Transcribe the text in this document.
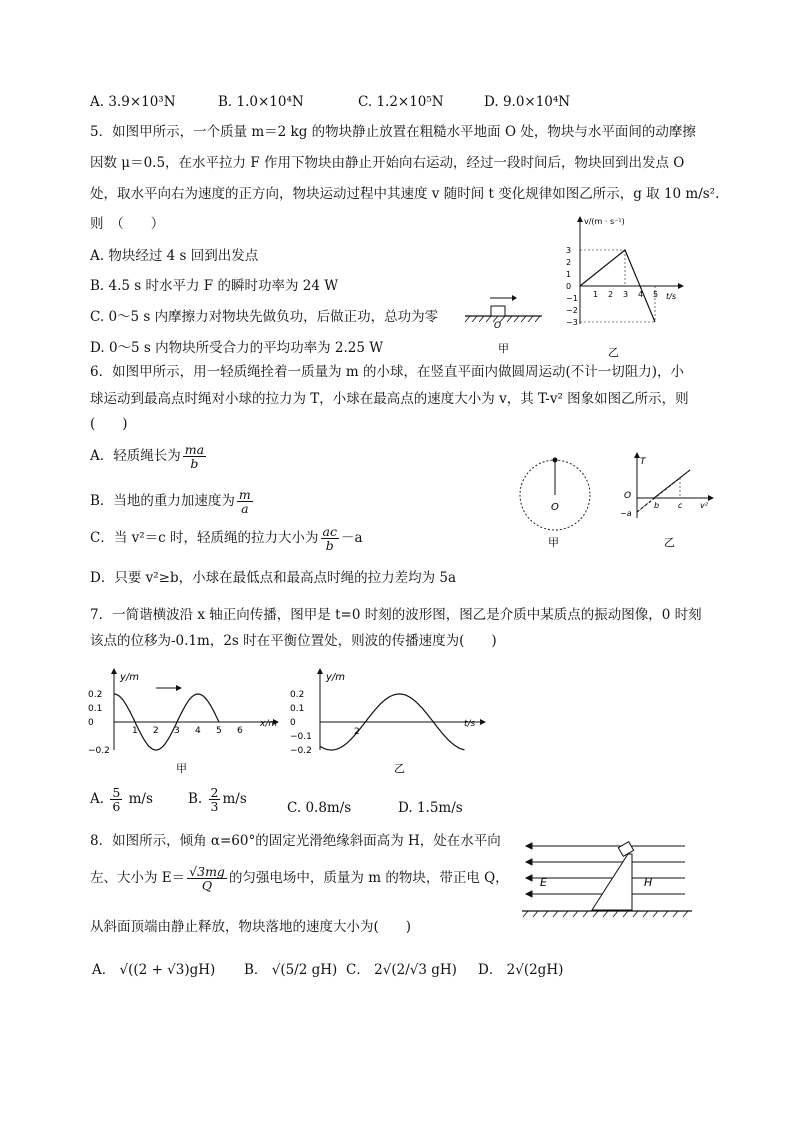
A. 3.9×10³N	B. 1.0×10⁴N	C. 1.2×10⁵N	D. 9.0×10⁴N
5．如图甲所示，一个质量 m＝2 kg 的物块静止放置在粗糙水平地面 O 处，物块与水平面间的动摩擦
因数 μ＝0.5，在水平拉力 F 作用下物块由静止开始向右运动，经过一段时间后，物块回到出发点 O
处，取水平向右为速度的正方向，物块运动过程中其速度 v 随时间 t 变化规律如图乙所示，g 取 10 m/s².
则　（　　）
A. 物块经过 4 s 回到出发点
B. 4.5 s 时水平力 F 的瞬时功率为 24 W
C. 0～5 s 内摩擦力对物块先做负功，后做正功，总功为零
D. 0～5 s 内物块所受合力的平均功率为 2.25 W
O
甲
v/(m · s⁻¹)
t/s
3
2
1
0
−1
−2
−3
1 2 3 4 5
乙
6．如图甲所示，用一轻质绳拴着一质量为 m 的小球，在竖直平面内做圆周运动(不计一切阻力)，小
球运动到最高点时绳对小球的拉力为 T，小球在最高点的速度大小为 v，其 T-v² 图象如图乙所示，则
(　　)
A．轻质绳长为 $\frac{ma}{b}$
B．当地的重力加速度为 $\frac{m}{a}$
C．当 v²＝c 时，轻质绳的拉力大小为 $\frac{ac}{b} -a$
D．只要 v²≥b，小球在最低点和最高点时绳的拉力差均为 5a
O
甲
T
O
−a
b c v²
乙
7．一简谐横波沿 x 轴正向传播，图甲是 t=0 时刻的波形图，图乙是介质中某质点的振动图像，0 时刻
该点的位移为-0.1m，2s 时在平衡位置处，则波的传播速度为(　　)
y/m
x/m
0.2
0.1
0
−0.2
1 2 3 4 5 6
甲
y/m
t/s
0.2
0.1
0
−0.1
−0.2
2
乙
A. $\frac{5}{6} m/s$	B. $\frac{2}{3} m/s$
C. 0.8m/s	D. 1.5m/s
8．如图所示，倾角 α=60°的固定光滑绝缘斜面高为 H，处在水平向
左、大小为 $E= \frac{√3mg}{Q}$ 的匀强电场中，质量为 m 的物块，带正电 Q，
从斜面顶端由静止释放，物块落地的速度大小为(　　)
E	H
A． √((2 + √3)gH) B． √(5/2 gH) C． 2√(2/√3 gH) D． 2√(2gH)
